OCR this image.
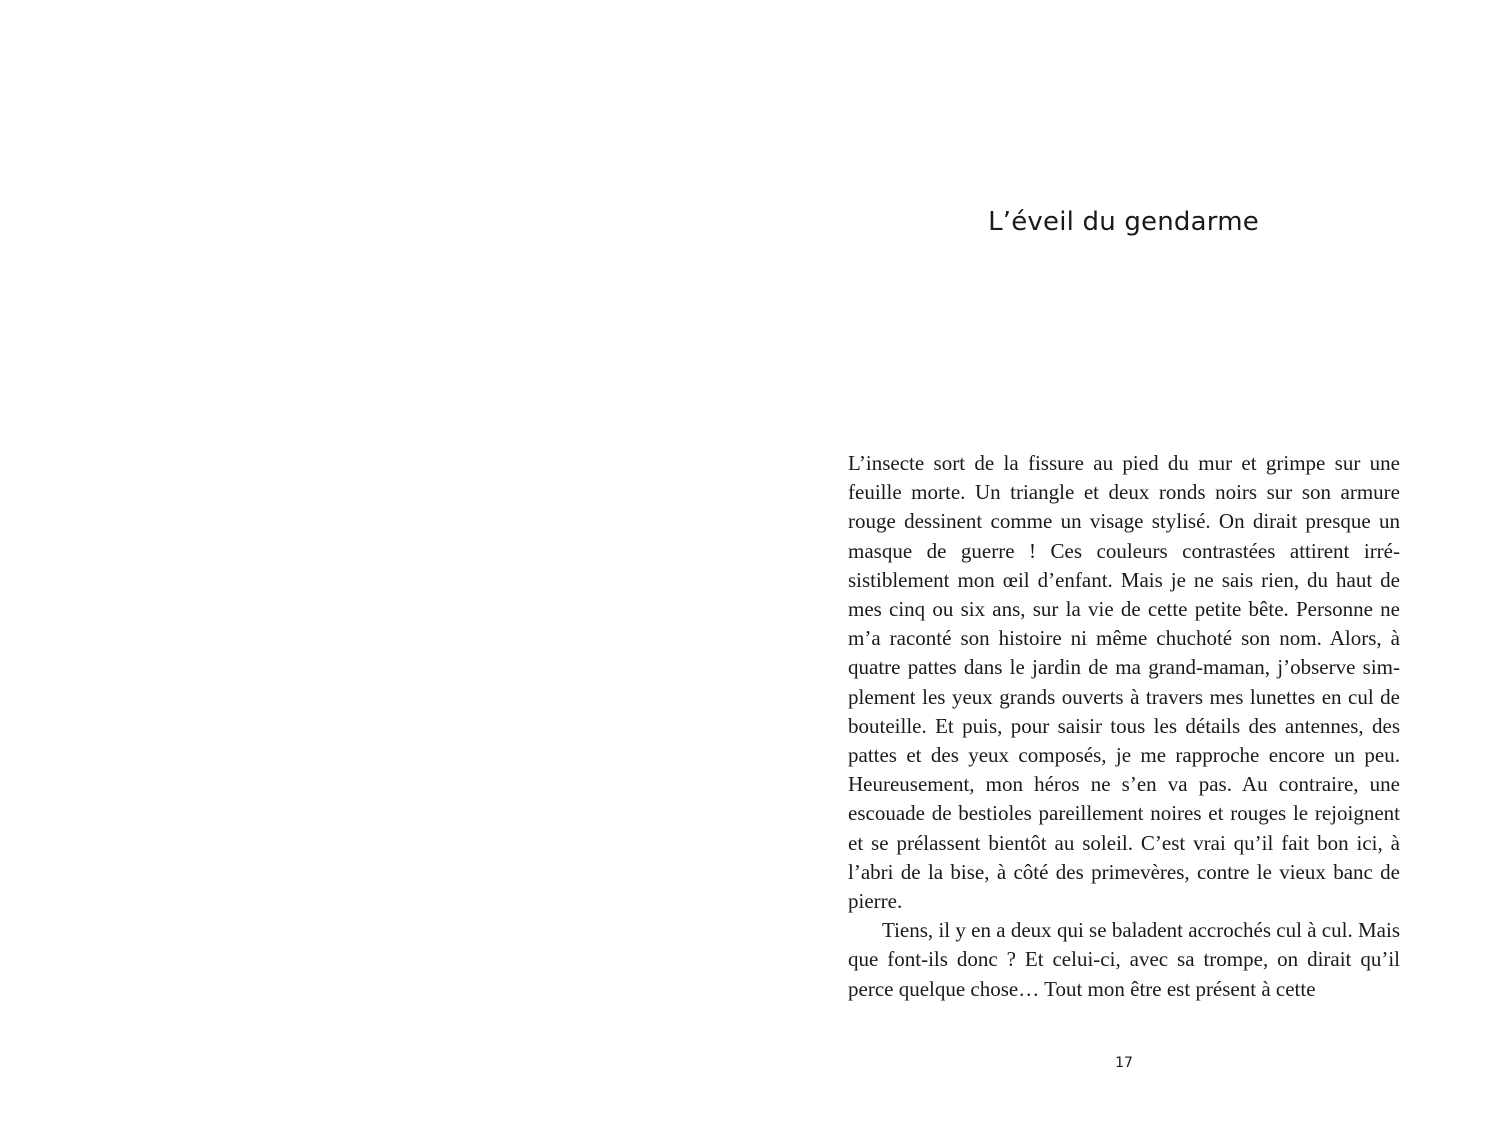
L’éveil du gendarme

L’insecte sort de la fissure au pied du mur et grimpe sur une feuille morte. Un triangle et deux ronds noirs sur son armure rouge dessinent comme un visage stylisé. On dirait presque un masque de guerre ! Ces couleurs contrastées attirent irrésistiblement mon œil d’enfant. Mais je ne sais rien, du haut de mes cinq ou six ans, sur la vie de cette petite bête. Personne ne m’a raconté son histoire ni même chuchoté son nom. Alors, à quatre pattes dans le jardin de ma grand-maman, j’observe simplement les yeux grands ouverts à travers mes lunettes en cul de bouteille. Et puis, pour saisir tous les détails des antennes, des pattes et des yeux composés, je me rapproche encore un peu. Heureusement, mon héros ne s’en va pas. Au contraire, une escouade de bestioles pareillement noires et rouges le rejoignent et se prélassent bientôt au soleil. C’est vrai qu’il fait bon ici, à l’abri de la bise, à côté des primevères, contre le vieux banc de pierre.

Tiens, il y en a deux qui se baladent accrochés cul à cul. Mais que font-ils donc ? Et celui-ci, avec sa trompe, on dirait qu’il perce quelque chose… Tout mon être est présent à cette

17
